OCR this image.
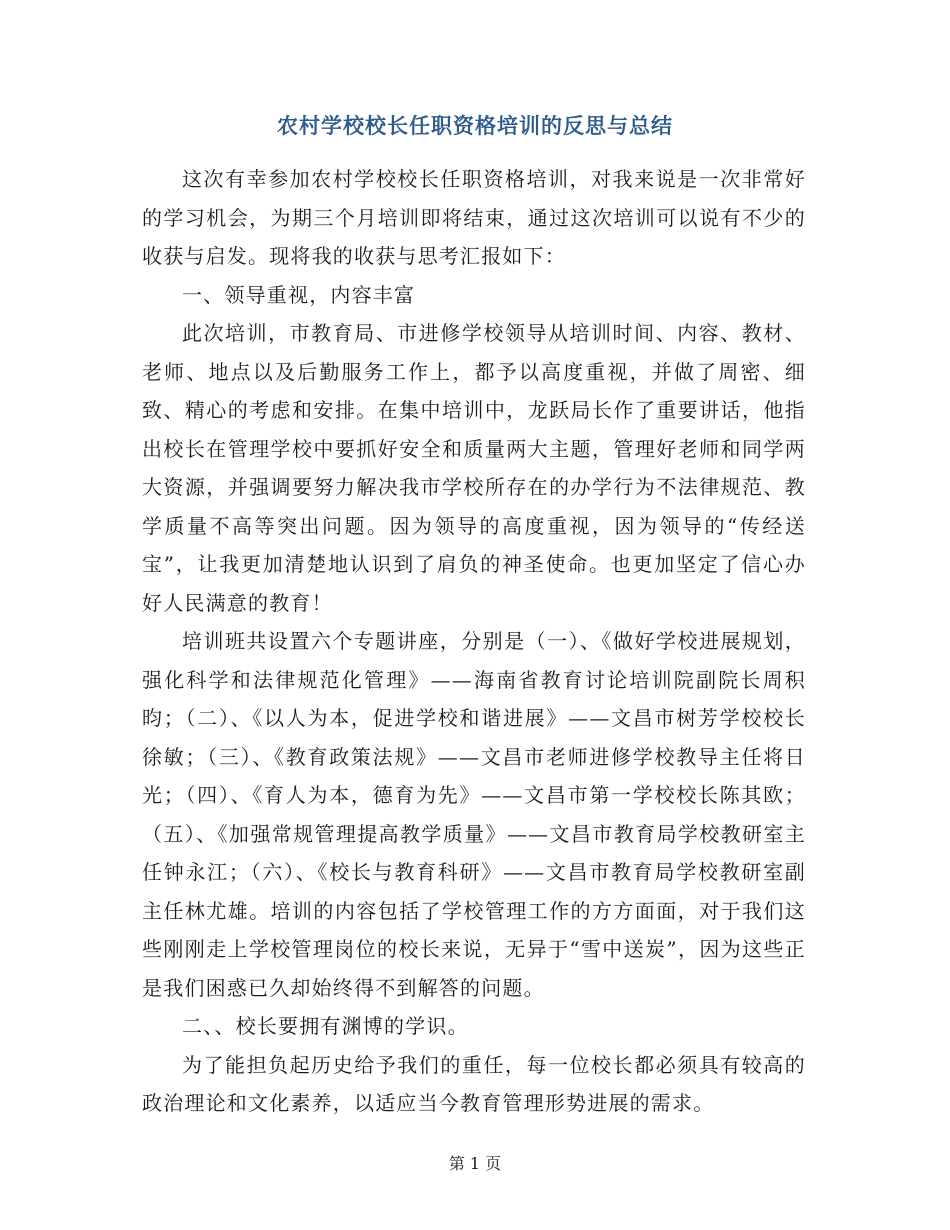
农村学校校长任职资格培训的反思与总结

这次有幸参加农村学校校长任职资格培训，对我来说是一次非常好的学习机会，为期三个月培训即将结束，通过这次培训可以说有不少的收获与启发。现将我的收获与思考汇报如下：

一、领导重视，内容丰富

此次培训，市教育局、市进修学校领导从培训时间、内容、教材、老师、地点以及后勤服务工作上，都予以高度重视，并做了周密、细致、精心的考虑和安排。在集中培训中，龙跃局长作了重要讲话，他指出校长在管理学校中要抓好安全和质量两大主题，管理好老师和同学两大资源，并强调要努力解决我市学校所存在的办学行为不法律规范、教学质量不高等突出问题。因为领导的高度重视，因为领导的“传经送宝”，让我更加清楚地认识到了肩负的神圣使命。也更加坚定了信心办好人民满意的教育！

培训班共设置六个专题讲座，分别是（一）、《做好学校进展规划，强化科学和法律规范化管理》——海南省教育讨论培训院副院长周积昀；（二）、《以人为本，促进学校和谐进展》——文昌市树芳学校校长徐敏；（三）、《教育政策法规》——文昌市老师进修学校教导主任将日光；（四）、《育人为本，德育为先》——文昌市第一学校校长陈其欧；（五）、《加强常规管理提高教学质量》——文昌市教育局学校教研室主任钟永江；（六）、《校长与教育科研》——文昌市教育局学校教研室副主任林尤雄。培训的内容包括了学校管理工作的方方面面，对于我们这些刚刚走上学校管理岗位的校长来说，无异于“雪中送炭”，因为这些正是我们困惑已久却始终得不到解答的问题。

二、、校长要拥有渊博的学识。

为了能担负起历史给予我们的重任，每一位校长都必须具有较高的政治理论和文化素养，以适应当今教育管理形势进展的需求。

第 1 页
